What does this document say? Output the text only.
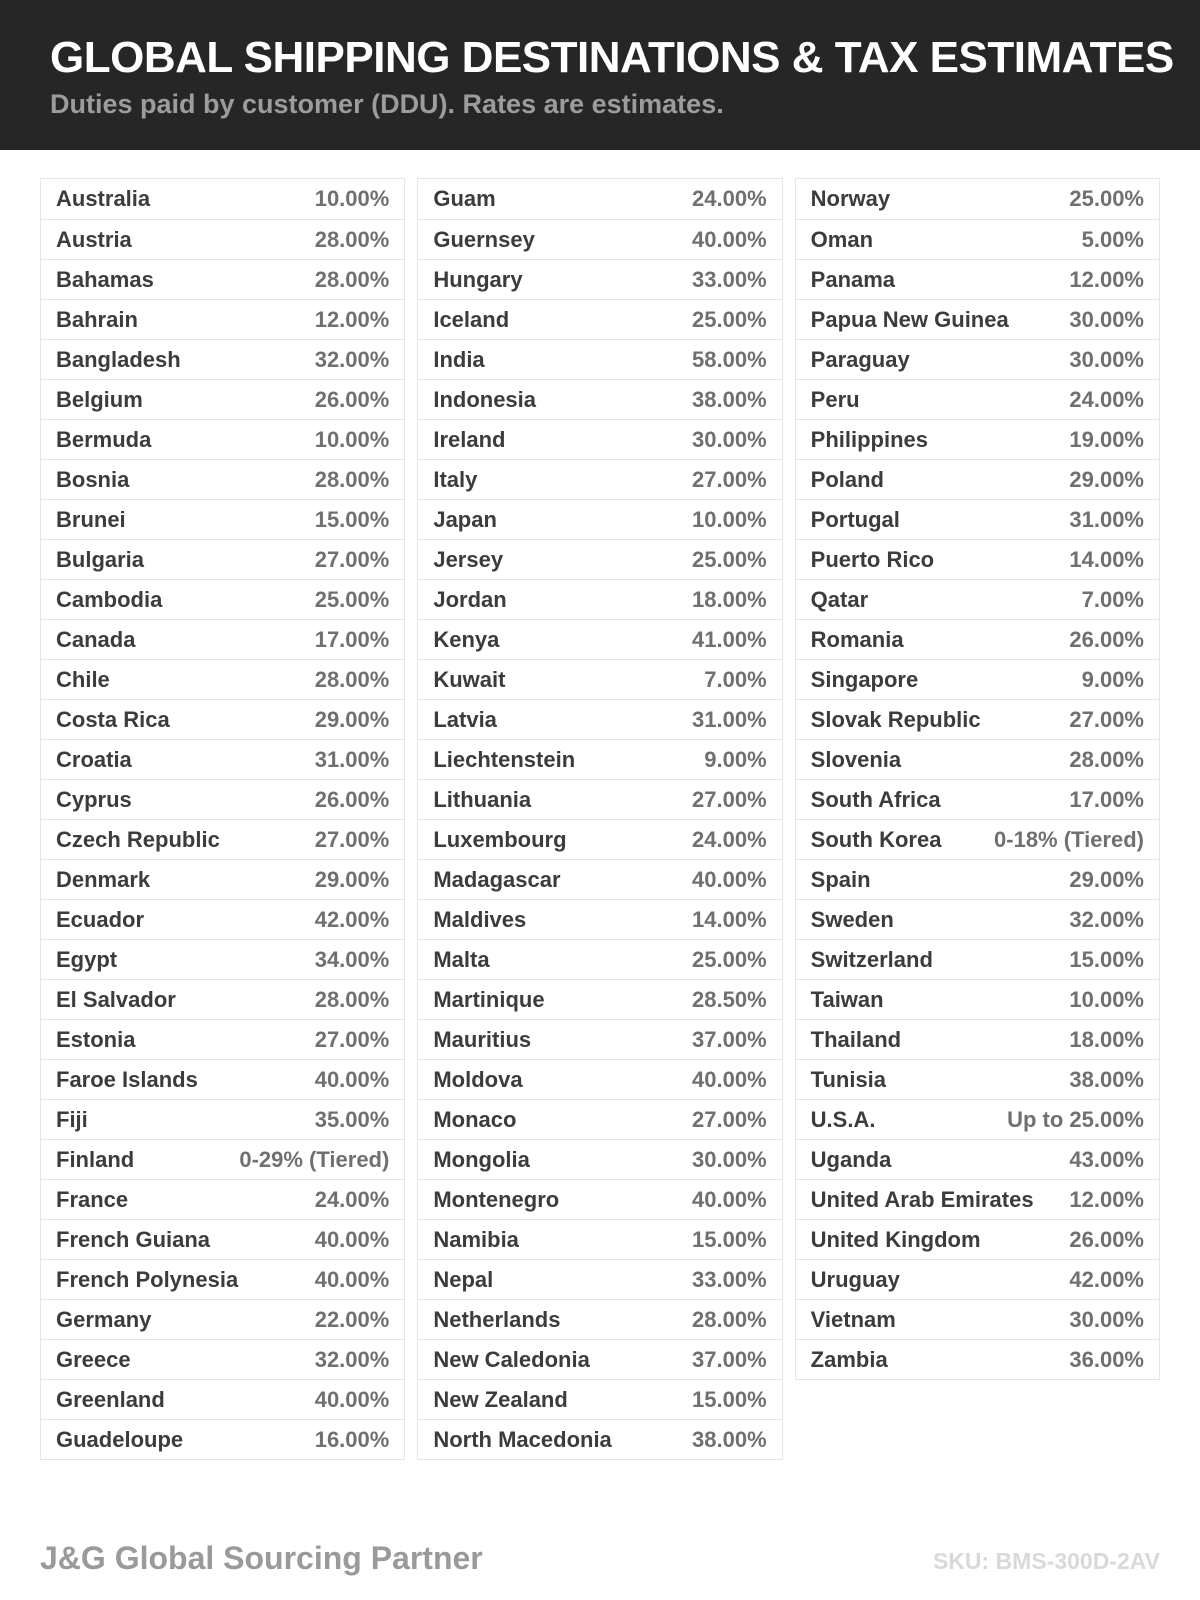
GLOBAL SHIPPING DESTINATIONS & TAX ESTIMATES
Duties paid by customer (DDU). Rates are estimates.
Australia	10.00%
Austria	28.00%
Bahamas	28.00%
Bahrain	12.00%
Bangladesh	32.00%
Belgium	26.00%
Bermuda	10.00%
Bosnia	28.00%
Brunei	15.00%
Bulgaria	27.00%
Cambodia	25.00%
Canada	17.00%
Chile	28.00%
Costa Rica	29.00%
Croatia	31.00%
Cyprus	26.00%
Czech Republic	27.00%
Denmark	29.00%
Ecuador	42.00%
Egypt	34.00%
El Salvador	28.00%
Estonia	27.00%
Faroe Islands	40.00%
Fiji	35.00%
Finland	0-29% (Tiered)
France	24.00%
French Guiana	40.00%
French Polynesia	40.00%
Germany	22.00%
Greece	32.00%
Greenland	40.00%
Guadeloupe	16.00%
Guam	24.00%
Guernsey	40.00%
Hungary	33.00%
Iceland	25.00%
India	58.00%
Indonesia	38.00%
Ireland	30.00%
Italy	27.00%
Japan	10.00%
Jersey	25.00%
Jordan	18.00%
Kenya	41.00%
Kuwait	7.00%
Latvia	31.00%
Liechtenstein	9.00%
Lithuania	27.00%
Luxembourg	24.00%
Madagascar	40.00%
Maldives	14.00%
Malta	25.00%
Martinique	28.50%
Mauritius	37.00%
Moldova	40.00%
Monaco	27.00%
Mongolia	30.00%
Montenegro	40.00%
Namibia	15.00%
Nepal	33.00%
Netherlands	28.00%
New Caledonia	37.00%
New Zealand	15.00%
North Macedonia	38.00%
Norway	25.00%
Oman	5.00%
Panama	12.00%
Papua New Guinea	30.00%
Paraguay	30.00%
Peru	24.00%
Philippines	19.00%
Poland	29.00%
Portugal	31.00%
Puerto Rico	14.00%
Qatar	7.00%
Romania	26.00%
Singapore	9.00%
Slovak Republic	27.00%
Slovenia	28.00%
South Africa	17.00%
South Korea 0-18% (Tiered)
Spain	29.00%
Sweden	32.00%
Switzerland	15.00%
Taiwan	10.00%
Thailand	18.00%
Tunisia	38.00%
U.S.A.	Up to 25.00%
Uganda	43.00%
United Arab Emirates 12.00%
United Kingdom	26.00%
Uruguay	42.00%
Vietnam	30.00%
Zambia	36.00%
J&G Global Sourcing Partner	SKU: BMS-300D-2AV
